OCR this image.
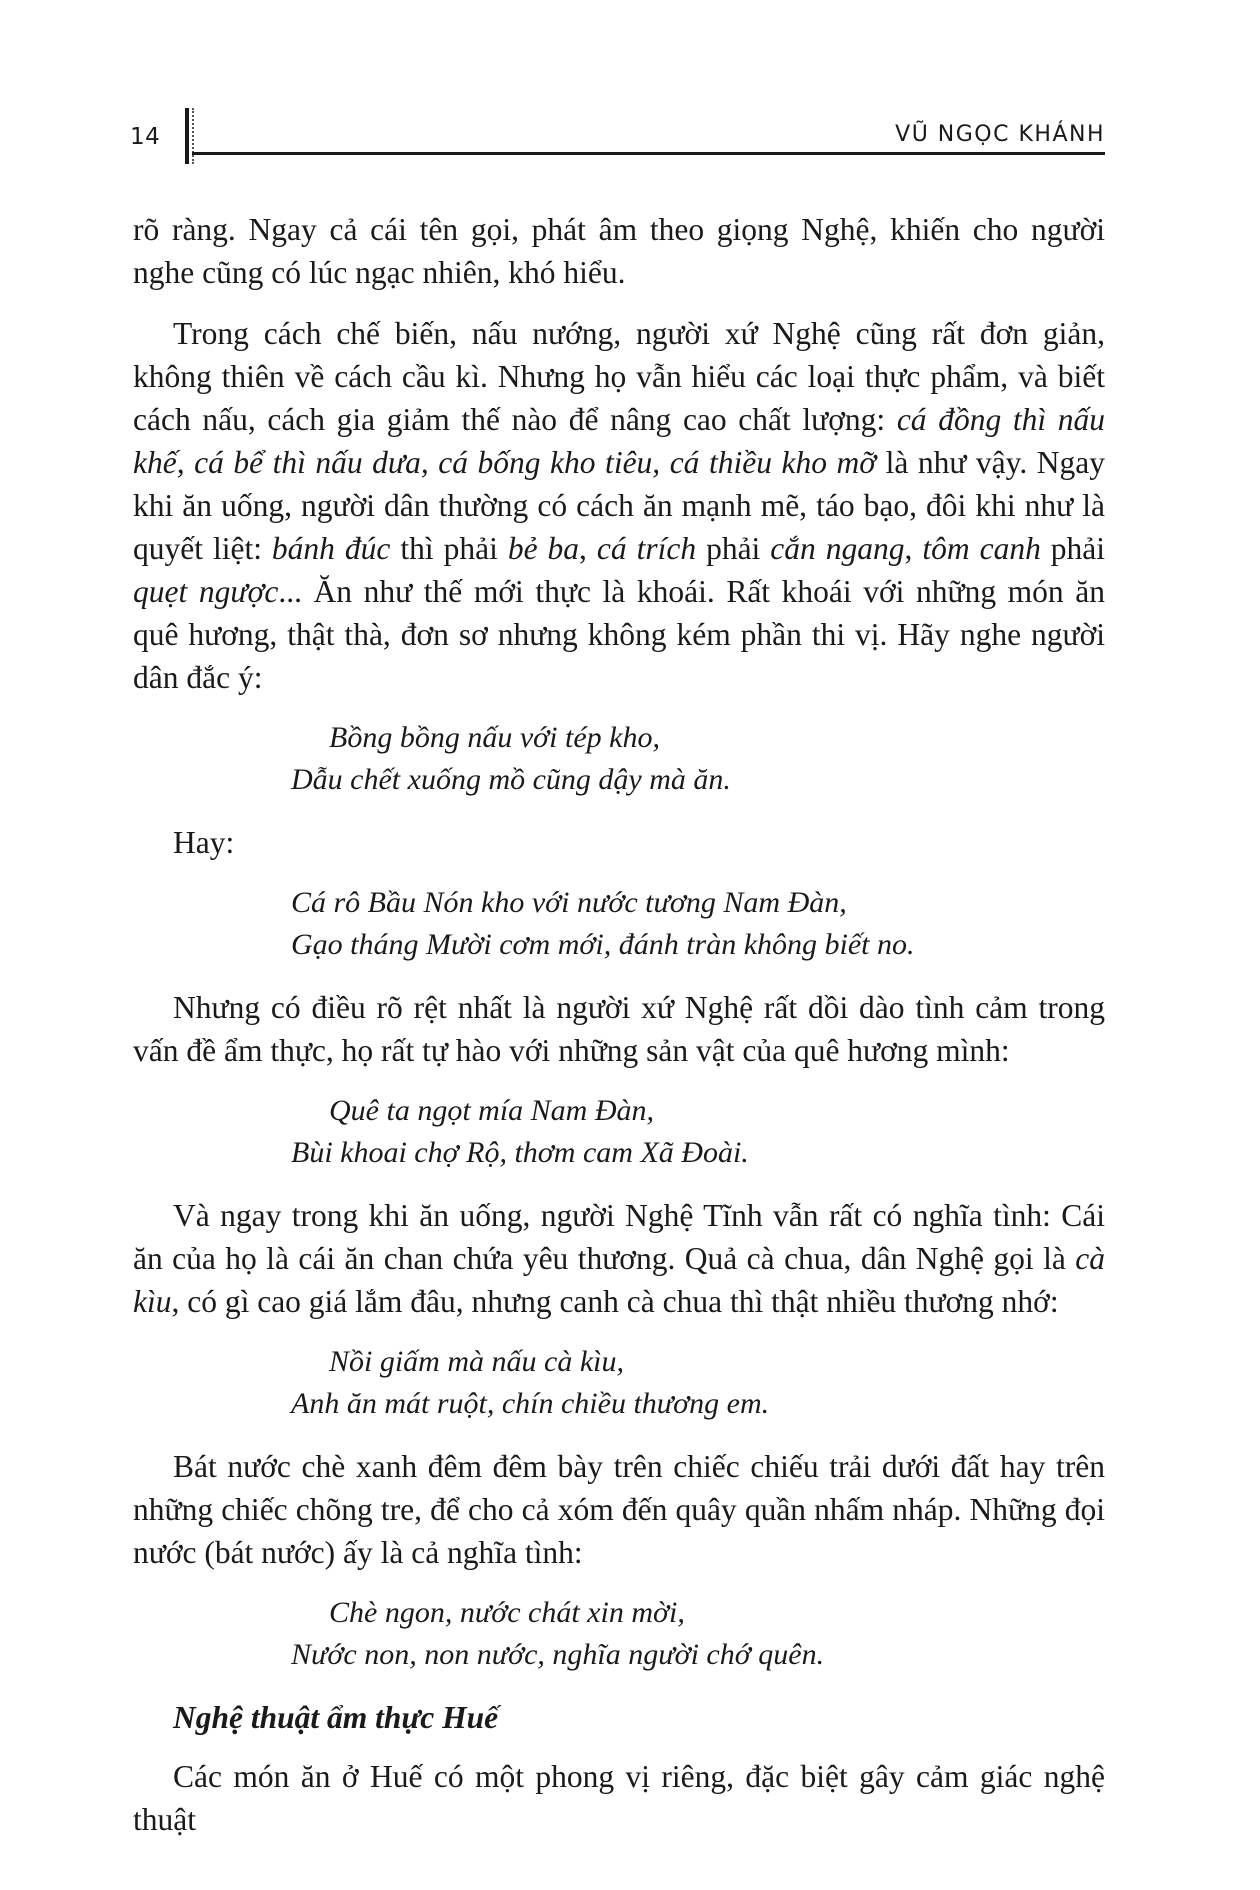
14	VŨ NGỌC KHÁNH

rõ ràng. Ngay cả cái tên gọi, phát âm theo giọng Nghệ, khiến cho người nghe cũng có lúc ngạc nhiên, khó hiểu.

Trong cách chế biến, nấu nướng, người xứ Nghệ cũng rất đơn giản, không thiên về cách cầu kì. Nhưng họ vẫn hiểu các loại thực phẩm, và biết cách nấu, cách gia giảm thế nào để nâng cao chất lượng: cá đồng thì nấu khế, cá bể thì nấu dưa, cá bống kho tiêu, cá thiều kho mỡ là như vậy. Ngay khi ăn uống, người dân thường có cách ăn mạnh mẽ, táo bạo, đôi khi như là quyết liệt: bánh đúc thì phải bẻ ba, cá trích phải cắn ngang, tôm canh phải quẹt ngược... Ăn như thế mới thực là khoái. Rất khoái với những món ăn quê hương, thật thà, đơn sơ nhưng không kém phần thi vị. Hãy nghe người dân đắc ý:

Bồng bồng nấu với tép kho,
Dẫu chết xuống mồ cũng dậy mà ăn.

Hay:

Cá rô Bầu Nón kho với nước tương Nam Đàn,
Gạo tháng Mười cơm mới, đánh tràn không biết no.

Nhưng có điều rõ rệt nhất là người xứ Nghệ rất dồi dào tình cảm trong vấn đề ẩm thực, họ rất tự hào với những sản vật của quê hương mình:

Quê ta ngọt mía Nam Đàn,
Bùi khoai chợ Rộ, thơm cam Xã Đoài.

Và ngay trong khi ăn uống, người Nghệ Tĩnh vẫn rất có nghĩa tình: Cái ăn của họ là cái ăn chan chứa yêu thương. Quả cà chua, dân Nghệ gọi là cà kìu, có gì cao giá lắm đâu, nhưng canh cà chua thì thật nhiều thương nhớ:

Nồi giấm mà nấu cà kìu,
Anh ăn mát ruột, chín chiều thương em.

Bát nước chè xanh đêm đêm bày trên chiếc chiếu trải dưới đất hay trên những chiếc chõng tre, để cho cả xóm đến quây quần nhấm nháp. Những đọi nước (bát nước) ấy là cả nghĩa tình:

Chè ngon, nước chát xin mời,
Nước non, non nước, nghĩa người chớ quên.

Nghệ thuật ẩm thực Huế

Các món ăn ở Huế có một phong vị riêng, đặc biệt gây cảm giác nghệ thuật
